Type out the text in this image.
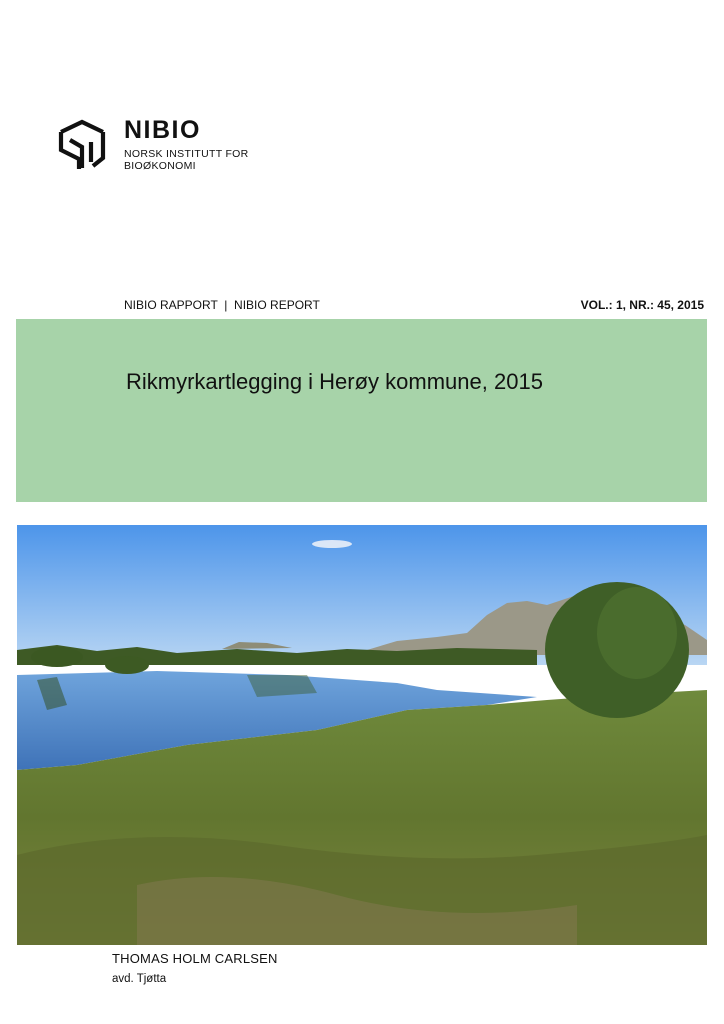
NIBIO
NORSK INSTITUTT FOR BIOØKONOMI
NIBIO RAPPORT  |  NIBIO REPORT	VOL.: 1, NR.: 45, 2015
Rikmyrkartlegging i Herøy kommune, 2015
THOMAS HOLM CARLSEN
avd. Tjøtta
